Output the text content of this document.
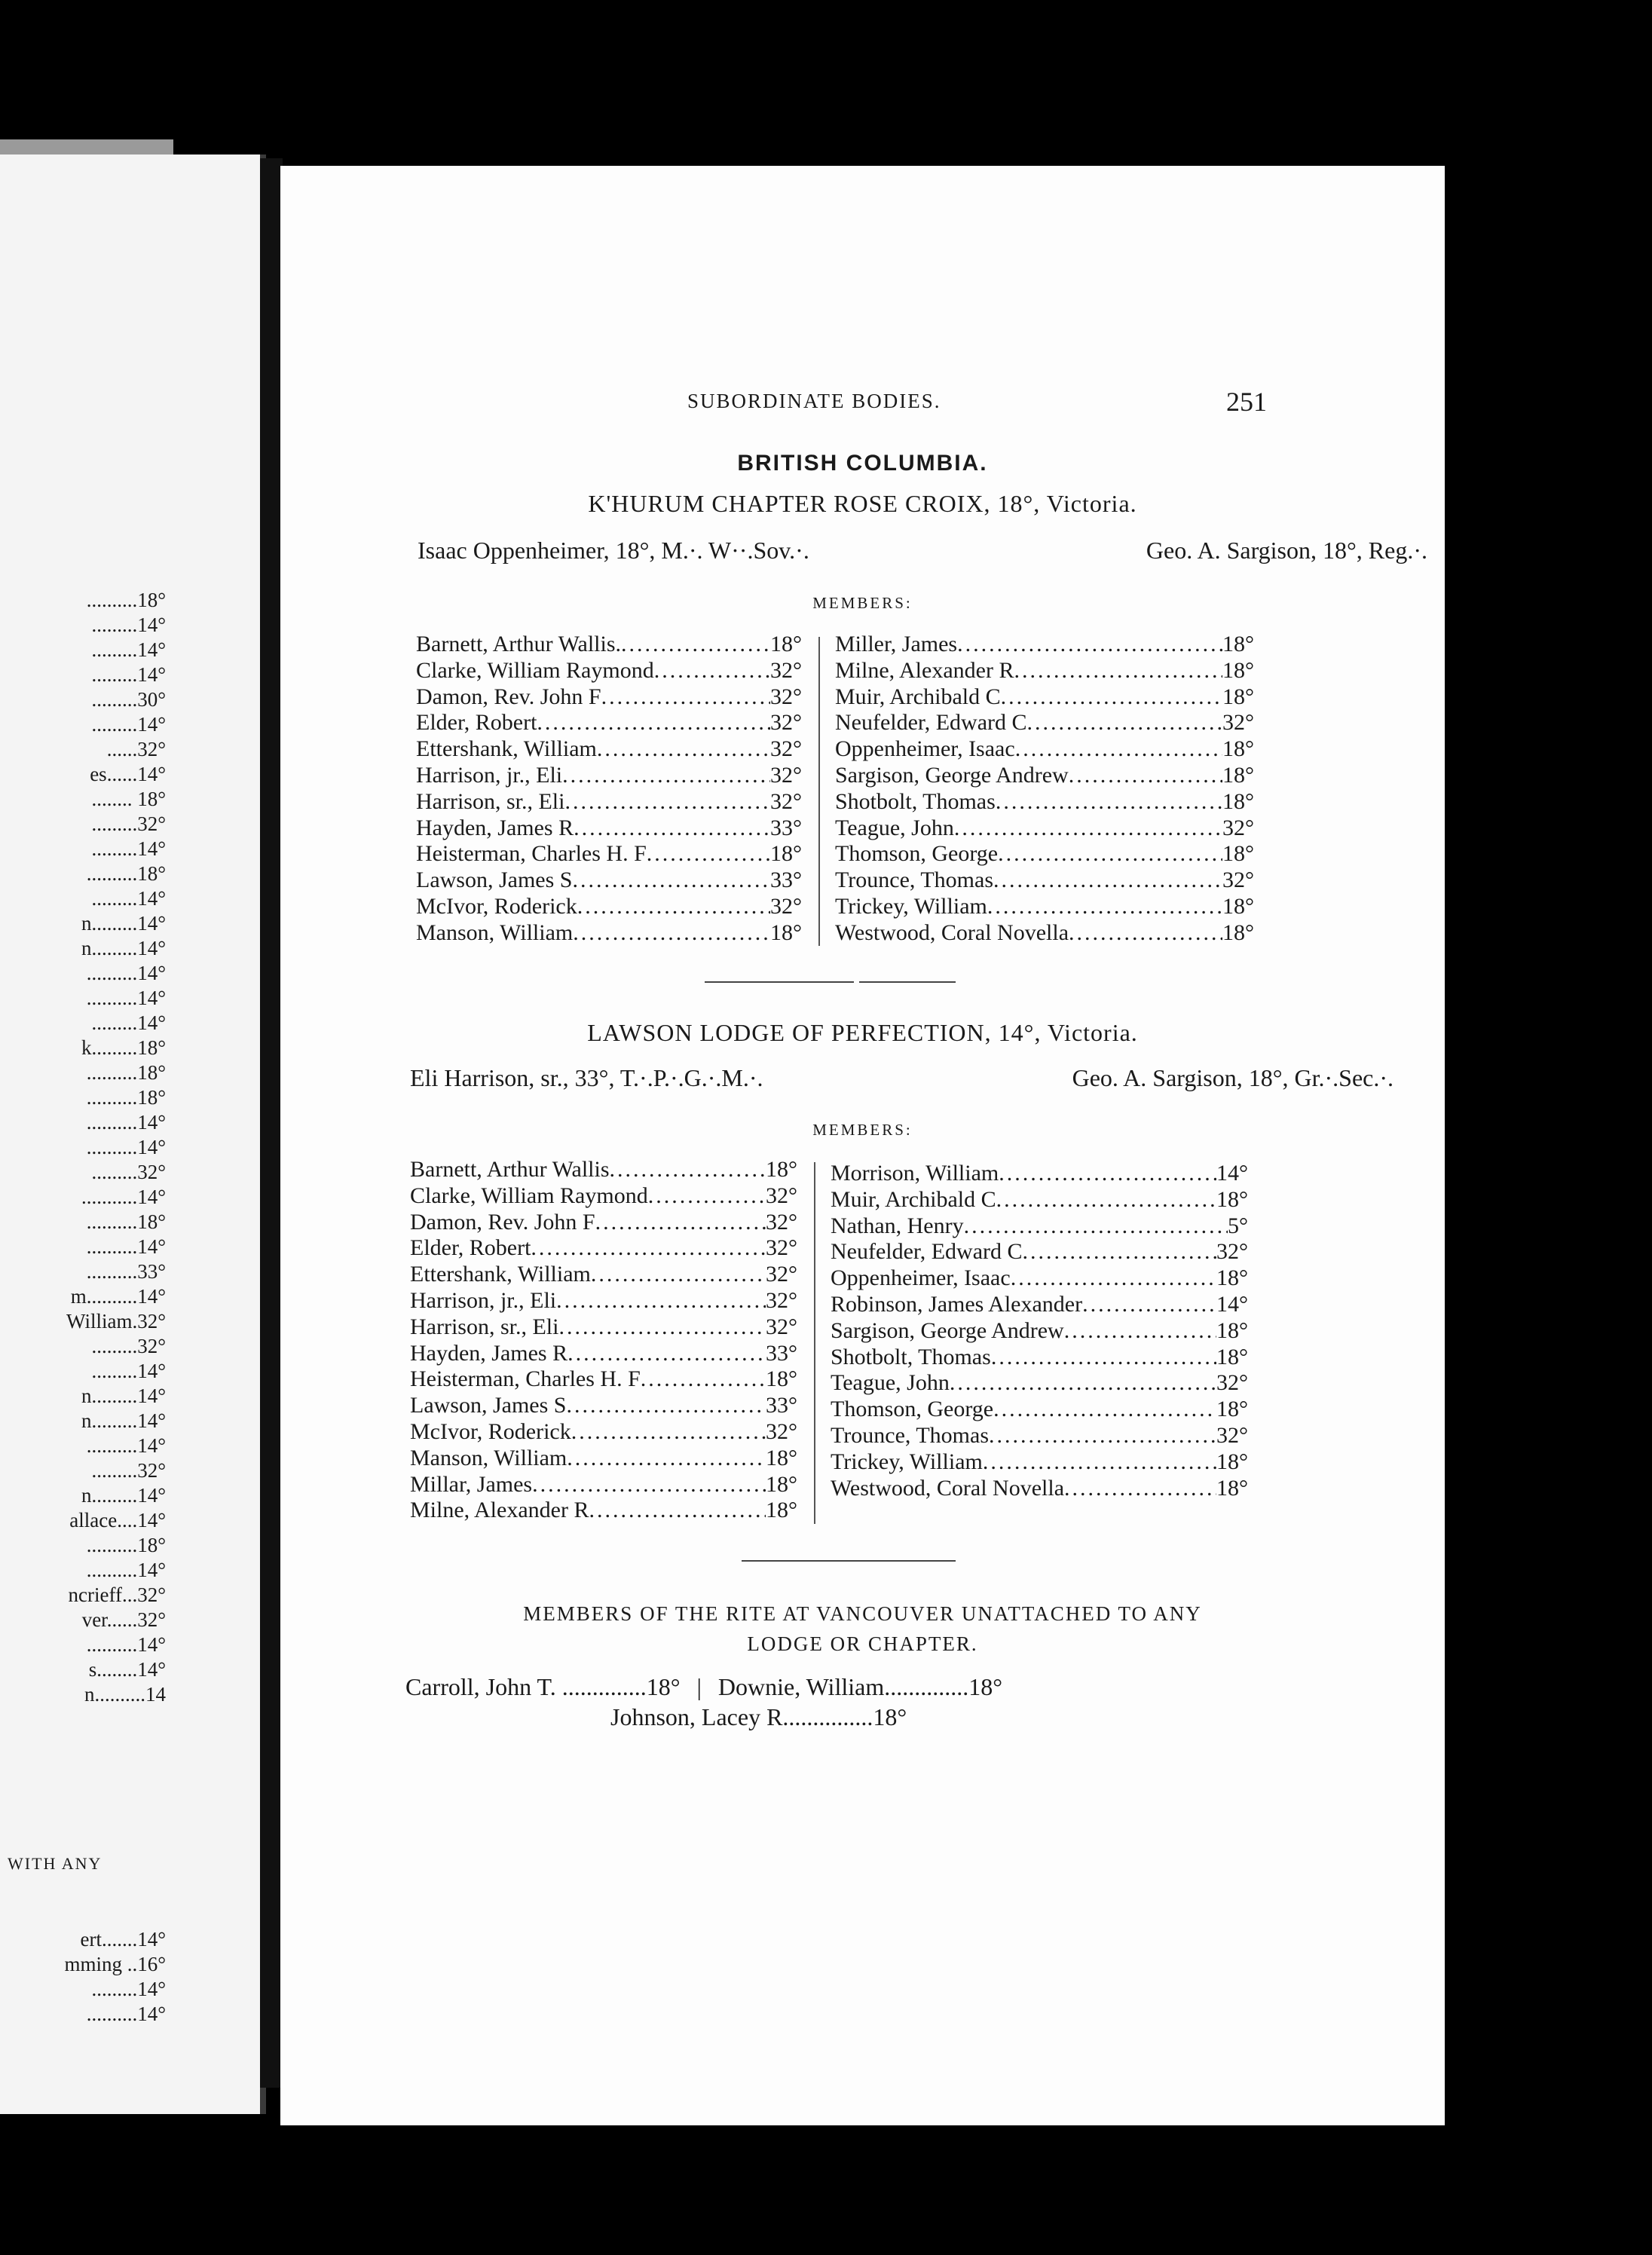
..........18°
.........14°
.........14°
.........14°
.........30°
.........14°
......32°
es......14°
........ 18°
.........32°
.........14°
..........18°
.........14°
n.........14°
n.........14°
..........14°
..........14°
.........14°
k.........18°
..........18°
..........18°
..........14°
..........14°
.........32°
...........14°
..........18°
..........14°
..........33°
m..........14°
William.32°
.........32°
.........14°
n.........14°
n.........14°
..........14°
.........32°
n.........14°
allace....14°
..........18°
..........14°
ncrieff...32°
ver......32°
..........14°
s........14°
n..........14
WITH ANY
ert.......14°
mming ..16°
.........14°
..........14°
SUBORDINATE BODIES.	251
BRITISH COLUMBIA.
K'HURUM CHAPTER ROSE CROIX, 18°, Victoria.
Isaac Oppenheimer, 18°, M.·. W··.Sov.·.	Geo. A. Sargison, 18°, Reg.·.
MEMBERS:
Barnett, Arthur Wallis. .....	18°
Clarke, William Raymond .....	32°
Damon, Rev. John F .....	32°
Elder, Robert .....	32°
Ettershank, William .....	32°
Harrison, jr., Eli .....	32°
Harrison, sr., Eli .....	32°
Hayden, James R .....	33°
Heisterman, Charles H. F .....	18°
Lawson, James S .....	33°
McIvor, Roderick .....	32°
Manson, William .....	18°
Miller, James .....	18°
Milne, Alexander R .....	18°
Muir, Archibald C .....	18°
Neufelder, Edward C .....	32°
Oppenheimer, Isaac .....	18°
Sargison, George Andrew .....	18°
Shotbolt, Thomas .....	18°
Teague, John .....	32°
Thomson, George .....	18°
Trounce, Thomas .....	32°
Trickey, William .....	18°
Westwood, Coral Novella .....	18°
LAWSON LODGE OF PERFECTION, 14°, Victoria.
Eli Harrison, sr., 33°, T.·.P.·.G.·.M.·.	Geo. A. Sargison, 18°, Gr.·.Sec.·.
MEMBERS:
Barnett, Arthur Wallis .....	18°
Clarke, William Raymond .....	32°
Damon, Rev. John F .....	32°
Elder, Robert .....	32°
Ettershank, William .....	32°
Harrison, jr., Eli .....	32°
Harrison, sr., Eli .....	32°
Hayden, James R .....	33°
Heisterman, Charles H. F .....	18°
Lawson, James S .....	33°
McIvor, Roderick .....	32°
Manson, William .....	18°
Millar, James .....	18°
Milne, Alexander R .....	18°
Morrison, William .....	14°
Muir, Archibald C .....	18°
Nathan, Henry .....	5°
Neufelder, Edward C .....	32°
Oppenheimer, Isaac .....	18°
Robinson, James Alexander .....	14°
Sargison, George Andrew .....	18°
Shotbolt, Thomas .....	18°
Teague, John .....	32°
Thomson, George .....	18°
Trounce, Thomas .....	32°
Trickey, William .....	18°
Westwood, Coral Novella .....	18°
MEMBERS OF THE RITE AT VANCOUVER UNATTACHED TO ANY
LODGE OR CHAPTER.
Carroll, John T. ..............18° | Downie, William..............18°
Johnson, Lacey R...............18°
